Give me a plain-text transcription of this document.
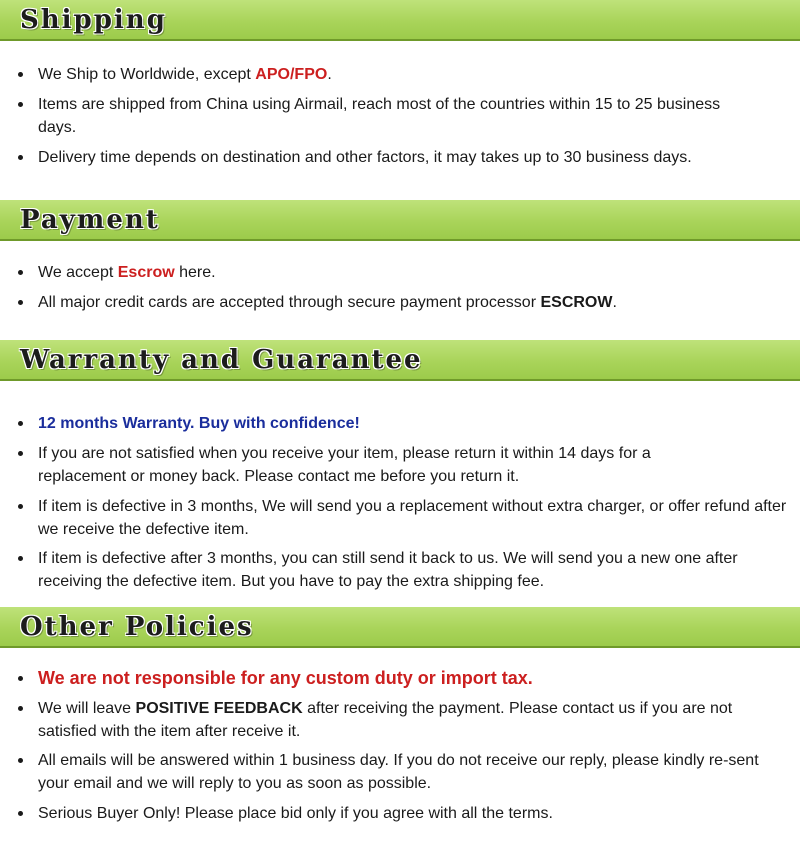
Shipping
We Ship to Worldwide, except APO/FPO.
Items are shipped from China using Airmail, reach most of the countries within 15 to 25 business days.
Delivery time depends on destination and other factors, it may takes up to 30 business days.
Payment
We accept Escrow here.
All major credit cards are accepted through secure payment processor ESCROW.
Warranty and Guarantee
12 months Warranty. Buy with confidence!
If you are not satisfied when you receive your item, please return it within 14 days for a replacement or money back. Please contact me before you return it.
If item is defective in 3 months, We will send you a replacement without extra charger, or offer refund after we receive the defective item.
If item is defective after 3 months, you can still send it back to us. We will send you a new one after receiving the defective item. But you have to pay the extra shipping fee.
Other Policies
We are not responsible for any custom duty or import tax.
We will leave POSITIVE FEEDBACK after receiving the payment. Please contact us if you are not satisfied with the item after receive it.
All emails will be answered within 1 business day. If you do not receive our reply, please kindly re-sent your email and we will reply to you as soon as possible.
Serious Buyer Only! Please place bid only if you agree with all the terms.
